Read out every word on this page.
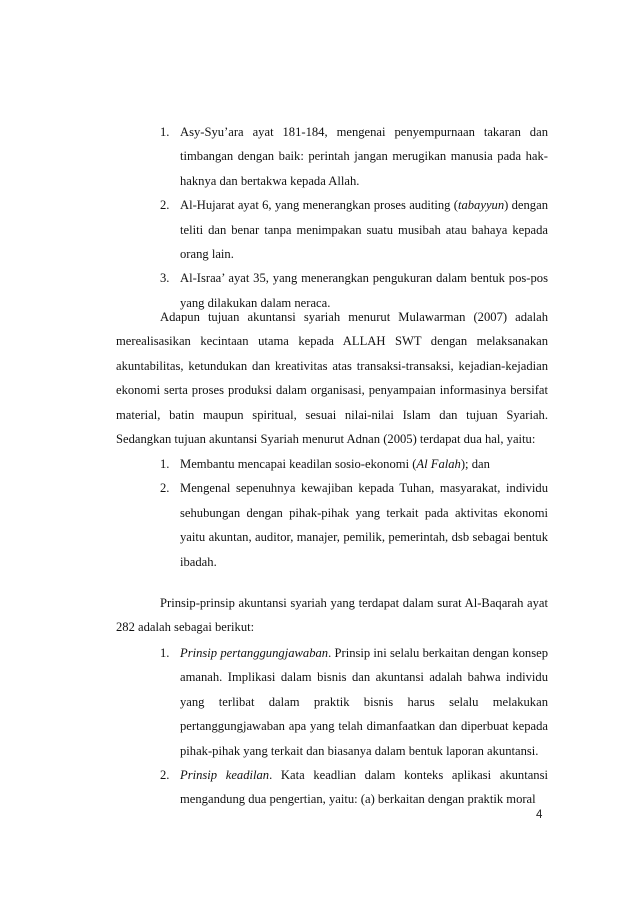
1. Asy-Syu’ara ayat 181-184, mengenai penyempurnaan takaran dan timbangan dengan baik: perintah jangan merugikan manusia pada hak-haknya dan bertakwa kepada Allah.
2. Al-Hujarat ayat 6, yang menerangkan proses auditing (tabayyun) dengan teliti dan benar tanpa menimpakan suatu musibah atau bahaya kepada orang lain.
3. Al-Israa’ ayat 35, yang menerangkan pengukuran dalam bentuk pos-pos yang dilakukan dalam neraca.

Adapun tujuan akuntansi syariah menurut Mulawarman (2007) adalah merealisasikan kecintaan utama kepada ALLAH SWT dengan melaksanakan akuntabilitas, ketundukan dan kreativitas atas transaksi-transaksi, kejadian-kejadian ekonomi serta proses produksi dalam organisasi, penyampaian informasinya bersifat material, batin maupun spiritual, sesuai nilai-nilai Islam dan tujuan Syariah. Sedangkan tujuan akuntansi Syariah menurut Adnan (2005) terdapat dua hal, yaitu:

1. Membantu mencapai keadilan sosio-ekonomi (Al Falah); dan
2. Mengenal sepenuhnya kewajiban kepada Tuhan, masyarakat, individu sehubungan dengan pihak-pihak yang terkait pada aktivitas ekonomi yaitu akuntan, auditor, manajer, pemilik, pemerintah, dsb sebagai bentuk ibadah.

Prinsip-prinsip akuntansi syariah yang terdapat dalam surat Al-Baqarah ayat 282 adalah sebagai berikut:

1. Prinsip pertanggungjawaban. Prinsip ini selalu berkaitan dengan konsep amanah. Implikasi dalam bisnis dan akuntansi adalah bahwa individu yang terlibat dalam praktik bisnis harus selalu melakukan pertanggungjawaban apa yang telah dimanfaatkan dan diperbuat kepada pihak-pihak yang terkait dan biasanya dalam bentuk laporan akuntansi.
2. Prinsip keadilan. Kata keadlian dalam konteks aplikasi akuntansi mengandung dua pengertian, yaitu: (a) berkaitan dengan praktik moral
4
